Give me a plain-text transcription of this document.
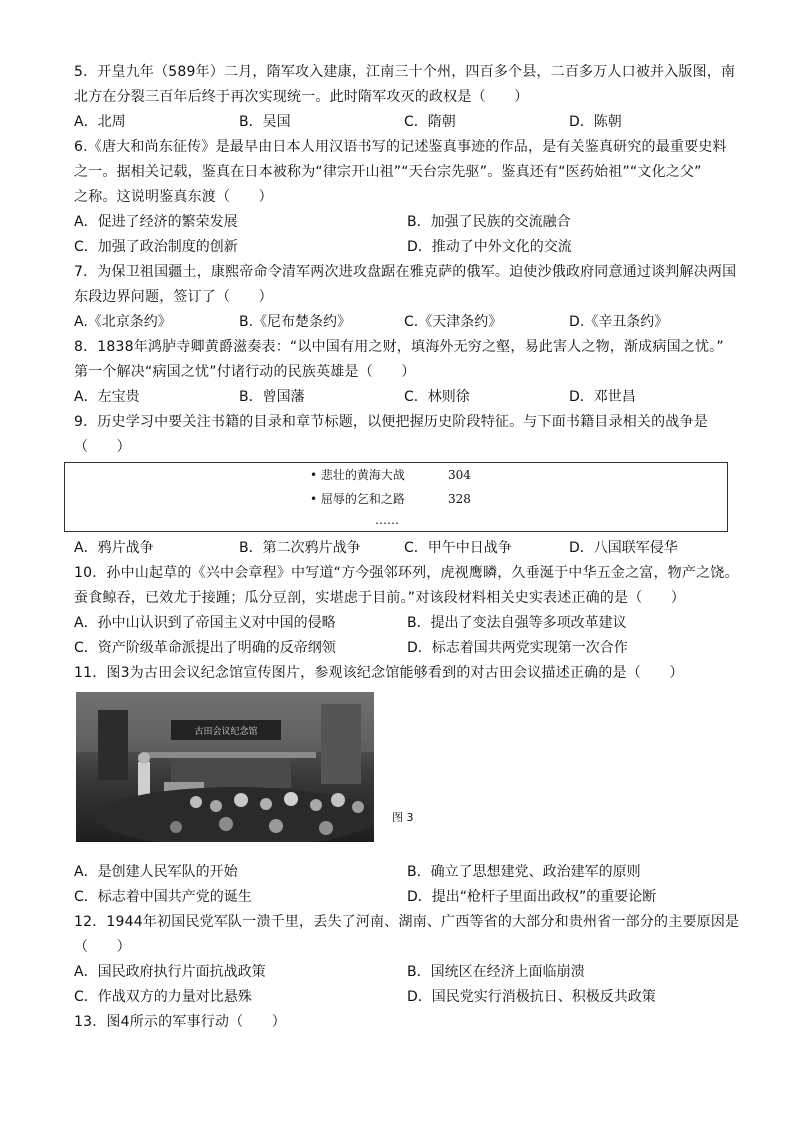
5．开皇九年（589年）二月，隋军攻入建康，江南三十个州，四百多个县，二百多万人口被并入版图，南
北方在分裂三百年后终于再次实现统一。此时隋军攻灭的政权是（　　）
A．北周	B．吴国	C．隋朝	D．陈朝
6.《唐大和尚东征传》是最早由日本人用汉语书写的记述鉴真事迹的作品，是有关鉴真研究的最重要史料
之一。据相关记载，鉴真在日本被称为“律宗开山祖”“天台宗先驱”。鉴真还有“医药始祖”“文化之父”
之称。这说明鉴真东渡（　　）
A．促进了经济的繁荣发展	B．加强了民族的交流融合
C．加强了政治制度的创新	D．推动了中外文化的交流
7．为保卫祖国疆土，康熙帝命令清军两次进攻盘踞在雅克萨的俄军。迫使沙俄政府同意通过谈判解决两国
东段边界问题，签订了（　　）
A.《北京条约》	B.《尼布楚条约》	C.《天津条约》	D.《辛丑条约》
8．1838年鸿胪寺卿黄爵滋奏表：“以中国有用之财，填海外无穷之壑，易此害人之物，渐成病国之忧。”
第一个解决“病国之忧”付诸行动的民族英雄是（　　）
A．左宝贵	B．曾国藩	C．林则徐	D．邓世昌
9．历史学习中要关注书籍的目录和章节标题，以便把握历史阶段特征。与下面书籍目录相关的战争是
（　　）
• 悲壮的黄海大战	304
• 屈辱的乞和之路	328
……
A．鸦片战争	B．第二次鸦片战争	C．甲午中日战争	D．八国联军侵华
10．孙中山起草的《兴中会章程》中写道“方今强邻环列，虎视鹰瞵，久垂涎于中华五金之富，物产之饶。
蚕食鲸吞，已效尤于接踵；瓜分豆剖，实堪虑于目前。”对该段材料相关史实表述正确的是（　　）
A．孙中山认识到了帝国主义对中国的侵略	B．提出了变法自强等多项改革建议
C．资产阶级革命派提出了明确的反帝纲领	D．标志着国共两党实现第一次合作
11．图3为古田会议纪念馆宣传图片，参观该纪念馆能够看到的对古田会议描述正确的是（　　）
古田会议纪念馆
图 3
A．是创建人民军队的开始	B．确立了思想建党、政治建军的原则
C．标志着中国共产党的诞生	D．提出“枪杆子里面出政权”的重要论断
12．1944年初国民党军队一溃千里，丢失了河南、湖南、广西等省的大部分和贵州省一部分的主要原因是
（　　）
A．国民政府执行片面抗战政策	B．国统区在经济上面临崩溃
C．作战双方的力量对比悬殊	D．国民党实行消极抗日、积极反共政策
13．图4所示的军事行动（　　）
